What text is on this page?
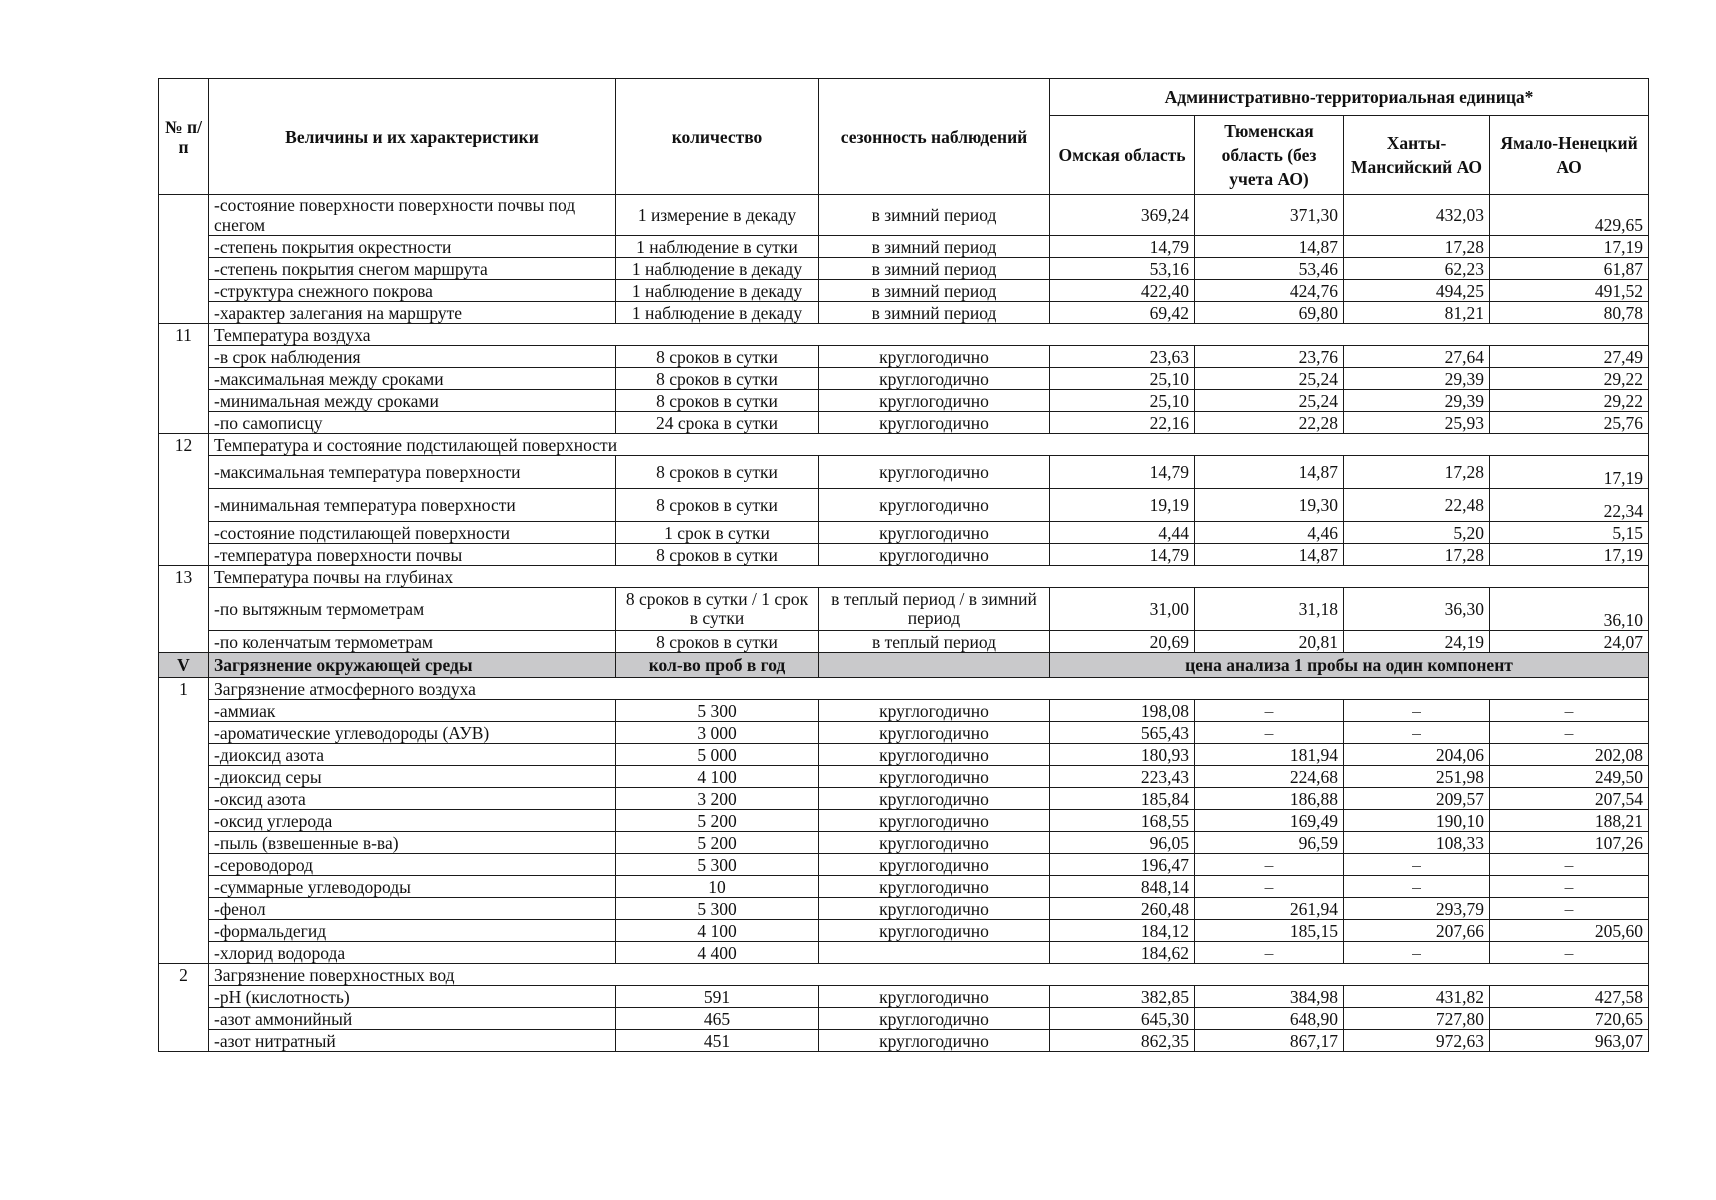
№ п/п	Величины и их характеристики	количество	сезонность наблюдений	Административно-территориальная единица*			
				Омская область	Тюменская область (без учета АО)	Ханты-Мансийский АО	Ямало-Ненецкий АО
	-состояние поверхности поверхности почвы под снегом	1 измерение в декаду	в зимний период	369,24	371,30	432,03	429,65
	-степень покрытия окрестности	1 наблюдение в сутки	в зимний период	14,79	14,87	17,28	17,19
	-степень покрытия снегом маршрута	1 наблюдение в декаду	в зимний период	53,16	53,46	62,23	61,87
	-структура снежного покрова	1 наблюдение в декаду	в зимний период	422,40	424,76	494,25	491,52
	-характер залегания на маршруте	1 наблюдение в декаду	в зимний период	69,42	69,80	81,21	80,78
11	Температура воздуха						
	-в срок наблюдения	8 сроков в сутки	круглогодично	23,63	23,76	27,64	27,49
	-максимальная между сроками	8 сроков в сутки	круглогодично	25,10	25,24	29,39	29,22
	-минимальная между сроками	8 сроков в сутки	круглогодично	25,10	25,24	29,39	29,22
	-по самописцу	24 срока в сутки	круглогодично	22,16	22,28	25,93	25,76
12	Температура и состояние подстилающей поверхности						
	-максимальная температура поверхности	8 сроков в сутки	круглогодично	14,79	14,87	17,28	17,19
	-минимальная температура поверхности	8 сроков в сутки	круглогодично	19,19	19,30	22,48	22,34
	-состояние подстилающей поверхности	1 срок в сутки	круглогодично	4,44	4,46	5,20	5,15
	-температура поверхности почвы	8 сроков в сутки	круглогодично	14,79	14,87	17,28	17,19
13	Температура почвы на глубинах						
	-по вытяжным термометрам	8 сроков в сутки / 1 срок в сутки	в теплый период / в зимний период	31,00	31,18	36,30	36,10
	-по коленчатым термометрам	8 сроков в сутки	в теплый период	20,69	20,81	24,19	24,07
V	Загрязнение окружающей среды	кол-во проб в год		цена анализа 1 пробы на один компонент			
1	Загрязнение атмосферного воздуха						
	-аммиак	5 300	круглогодично	198,08	–	–	–
	-ароматические углеводороды (АУВ)	3 000	круглогодично	565,43	–	–	–
	-диоксид азота	5 000	круглогодично	180,93	181,94	204,06	202,08
	-диоксид серы	4 100	круглогодично	223,43	224,68	251,98	249,50
	-оксид азота	3 200	круглогодично	185,84	186,88	209,57	207,54
	-оксид углерода	5 200	круглогодично	168,55	169,49	190,10	188,21
	-пыль (взвешенные в-ва)	5 200	круглогодично	96,05	96,59	108,33	107,26
	-сероводород	5 300	круглогодично	196,47	–	–	–
	-суммарные углеводороды	10	круглогодично	848,14	–	–	–
	-фенол	5 300	круглогодично	260,48	261,94	293,79	–
	-формальдегид	4 100	круглогодично	184,12	185,15	207,66	205,60
	-хлорид водорода	4 400		184,62	–	–	–
2	Загрязнение поверхностных вод						
	-pH (кислотность)	591	круглогодично	382,85	384,98	431,82	427,58
	-азот аммонийный	465	круглогодично	645,30	648,90	727,80	720,65
	-азот нитратный	451	круглогодично	862,35	867,17	972,63	963,07
